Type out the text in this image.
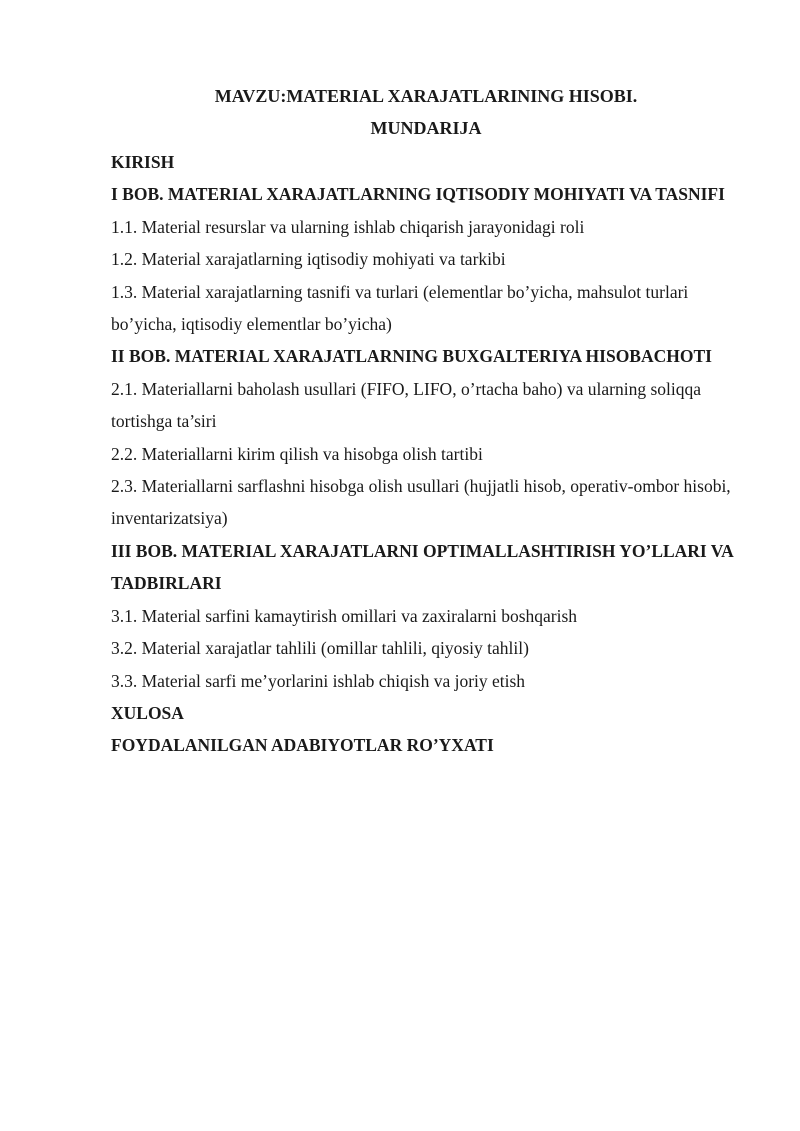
MAVZU:MATERIAL XARAJATLARINING HISOBI.
MUNDARIJA
KIRISH
I BOB. MATERIAL XARAJATLARNING IQTISODIY MOHIYATI VA TASNIFI
1.1. Material resurslar va ularning ishlab chiqarish jarayonidagi roli
1.2. Material xarajatlarning iqtisodiy mohiyati va tarkibi
1.3. Material xarajatlarning tasnifi va turlari (elementlar bo’yicha, mahsulot turlari bo’yicha, iqtisodiy elementlar bo’yicha)
II BOB. MATERIAL XARAJATLARNING BUXGALTERIYA HISOBACHOTI
2.1. Materiallarni baholash usullari (FIFO, LIFO, o’rtacha baho) va ularning soliqqa tortishga ta’siri
2.2. Materiallarni kirim qilish va hisobga olish tartibi
2.3. Materiallarni sarflashni hisobga olish usullari (hujjatli hisob, operativ-ombor hisobi, inventarizatsiya)
III BOB. MATERIAL XARAJATLARNI OPTIMALLASHTIRISH YO’LLARI VA TADBIRLARI
3.1. Material sarfini kamaytirish omillari va zaxiralarni boshqarish
3.2. Material xarajatlar tahlili (omillar tahlili, qiyosiy tahlil)
3.3. Material sarfi me’yorlarini ishlab chiqish va joriy etish
XULOSA
FOYDALANILGAN ADABIYOTLAR RO’YXATI
